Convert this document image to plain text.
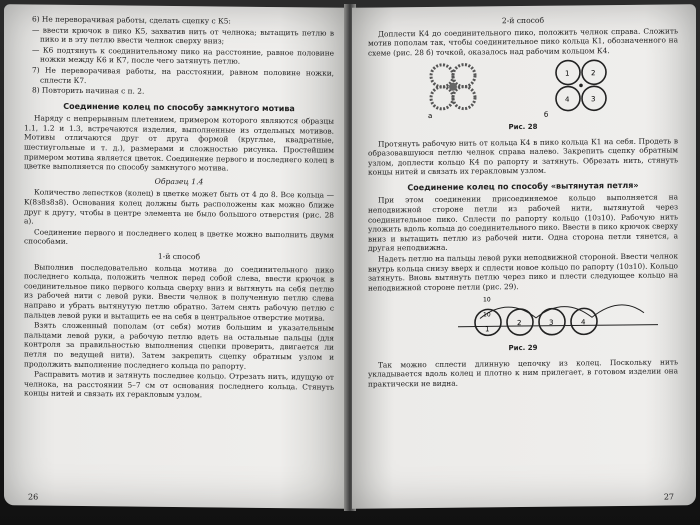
6) Не переворачивая работы, сделать сцепку с К5:

— ввести крючок в пико К5, захватив нить от челнока; вытащить петлю в пико и в эту петлю ввести челнок сверху вниз;

— К6 подтянуть к соединительному пико на расстояние, равное половине ножки между К6 и К7, после чего затянуть петлю.

7) Не переворачивая работы, на расстоянии, равном половине ножки, сплести К7.

8) Повторить начиная с п. 2.

Соединение колец по способу замкнутого мотива

Наряду с непрерывным плетением, примером которого являются образцы 1.1, 1.2 и 1.3, встречаются изделия, выполненные из отдельных мотивов. Мотивы отличаются друг от друга формой (круглые, квадратные, шестиугольные и т. д.), размерами и сложностью рисунка. Простейшим примером мотива является цветок. Соединение первого и последнего колец в цветке выполняется по способу замкнутого мотива.

Образец 1.4

Количество лепестков (колец) в цветке может быть от 4 до 8. Все кольца — K(8з8з8з8). Основания колец должны быть расположены как можно ближе друг к другу, чтобы в центре элемента не было большого отверстия (рис. 28 а).

Соединение первого и последнего колец в цветке можно выполнить двумя способами.

1-й способ

Выполнив последовательно кольца мотива до соединительного пико последнего кольца, положить челнок перед собой слева, ввести крючок в соединительное пико первого кольца сверху вниз и вытянуть на себя петлю из рабочей нити с левой руки. Ввести челнок в полученную петлю слева направо и убрать вытянутую петлю обратно. Затем снять рабочую петлю с пальцев левой руки и вытащить ее на себя в центральное отверстие мотива.

Взять сложенный пополам (от себя) мотив большим и указательным пальцами левой руки, а рабочую петлю вдеть на остальные пальцы (для контроля за правильностью выполнения сцепки проверить, двигается ли петля по ведущей нити). Затем закрепить сцепку обратным узлом и продолжить выполнение последнего кольца по рапорту.

Расправить мотив и затянуть последнее кольцо. Отрезать нить, идущую от челнока, на расстоянии 5–7 см от основания последнего кольца. Стянуть концы нитей и связать их геракловым узлом.

26
2-й способ

Доплести К4 до соединительного пико, положить челнок справа. Сложить мотив пополам так, чтобы соединительное пико кольца К1, обозначенного на схеме (рис. 28 б) точкой, оказалось над рабочим кольцом К4.

а
1	2
3
4
б
Рис. 28

Протянуть рабочую нить от кольца К4 в пико кольца К1 на себя. Продеть в образовавшуюся петлю челнок справа налево. Закрепить сцепку обратным узлом, доплести кольцо К4 по рапорту и затянуть. Обрезать нить, стянуть концы нитей и связать их геракловым узлом.

Соединение колец по способу «вытянутая петля»

При этом соединении присоединяемое кольцо выполняется на неподвижной стороне петли из рабочей нити, вытянутой через соединительное пико. Сплести по рапорту кольцо (10з10). Рабочую нить уложить вдоль кольца до соединительного пико. Ввести в пико крючок сверху вниз и вытащить петлю из рабочей нити. Одна сторона петли тянется, а другая неподвижна.

Надеть петлю на пальцы левой руки неподвижной стороной. Ввести челнок внутрь кольца снизу вверх и сплести новое кольцо по рапорту (10з10). Кольцо затянуть. Вновь вытянуть петлю через пико и плести следующее кольцо на неподвижной стороне петли (рис. 29).

10
10
1
2	3	4
Рис. 29

Так можно сплести длинную цепочку из колец. Поскольку нить укладывается вдоль колец и плотно к ним прилегает, в готовом изделии она практически не видна.

27
